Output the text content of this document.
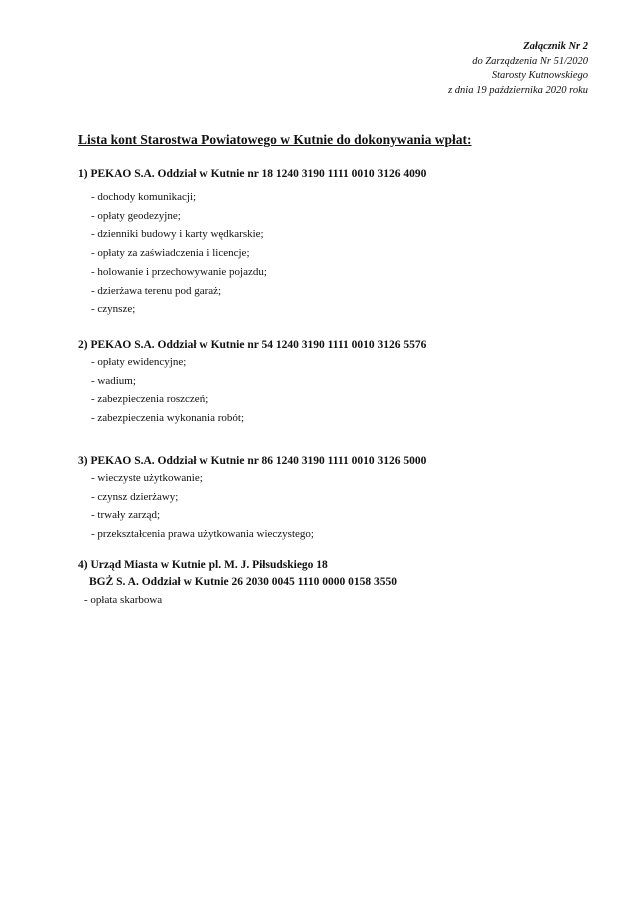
Załącznik Nr 2
do Zarządzenia Nr 51/2020
Starosty Kutnowskiego
z dnia 19 października 2020 roku
Lista kont Starostwa Powiatowego w Kutnie do dokonywania wpłat:
1) PEKAO S.A. Oddział w Kutnie nr 18 1240 3190 1111 0010 3126 4090
- dochody komunikacji;
- opłaty geodezyjne;
- dzienniki budowy i karty wędkarskie;
- opłaty za zaświadczenia i licencje;
- holowanie i przechowywanie pojazdu;
- dzierżawa terenu pod garaż;
- czynsze;
2) PEKAO S.A. Oddział w Kutnie nr 54 1240 3190 1111 0010 3126 5576
- opłaty ewidencyjne;
- wadium;
- zabezpieczenia roszczeń;
- zabezpieczenia wykonania robót;
3) PEKAO S.A. Oddział w Kutnie nr 86 1240 3190 1111 0010 3126 5000
- wieczyste użytkowanie;
- czynsz dzierżawy;
- trwały zarząd;
- przekształcenia prawa użytkowania wieczystego;
4) Urząd Miasta w Kutnie pl. M. J. Piłsudskiego 18
BGŻ S. A. Oddział w Kutnie 26 2030 0045 1110 0000 0158 3550
- opłata skarbowa
